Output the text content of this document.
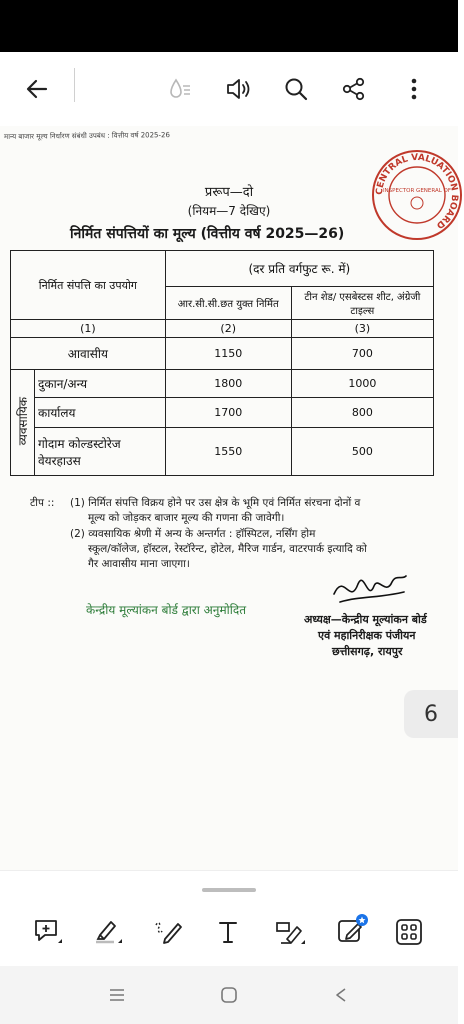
मान्य बाजार मूल्य निर्धारण संबंधी उपबंध : वित्तीय वर्ष 2025-26
CENTRAL VALUATION BOARD
INSPECTOR GENERAL OF
प्ररूप—दो
(नियम—7 देखिए)
निर्मित संपत्तियों का मूल्य (वित्तीय वर्ष 2025—26)
निर्मित संपत्ति का उपयोग		(दर प्रति वर्गफुट रू. में)	
		आर.सी.सी.छत युक्त निर्मित	टीन शेड/ एसबेस्टस शीट, अंग्रेजी टाइल्स
(1)		(2)	(3)
आवासीय		1150	700
व्यवसायिक	दुकान/अन्य	1800	1000
	कार्यालय	1700	800
	गोदाम कोल्डस्टोरेज वेयरहाउस	1550	500
टीप :: (1) निर्मित संपत्ति विक्रय होने पर उस क्षेत्र के भूमि एवं निर्मित संरचना दोनों व
मूल्य को जोड़कर बाजार मूल्य की गणना की जावेगी।
(2) व्यवसायिक श्रेणी में अन्य के अन्तर्गत : हॉस्पिटल, नर्सिंग होम
स्कूल/कॉलेज, हॉस्टल, रेस्टॉरेन्ट, होटेल, मैरिज गार्डन, वाटरपार्क इत्यादि को
गैर आवासीय माना जाएगा।
केन्द्रीय मूल्यांकन बोर्ड द्वारा अनुमोदित
अध्यक्ष—केन्द्रीय मूल्यांकन बोर्ड
एवं महानिरीक्षक पंजीयन
छत्तीसगढ़, रायपुर
6
